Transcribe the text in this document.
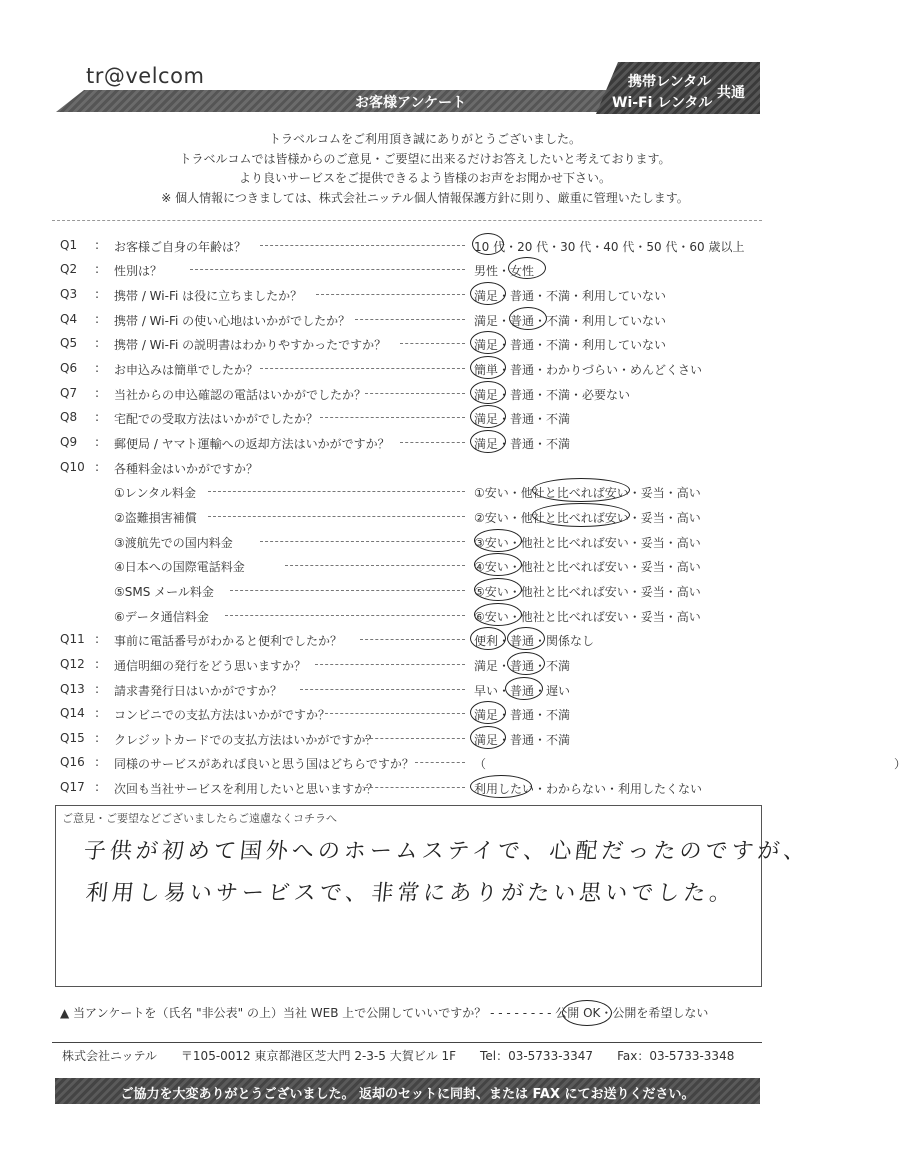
tr@velcom
お客様アンケート
携帯レンタル
Wi-Fi レンタル
共通
トラベルコムをご利用頂き誠にありがとうございました。
トラベルコムでは皆様からのご意見・ご要望に出来るだけお答えしたいと考えております。
より良いサービスをご提供できるよう皆様のお声をお聞かせ下さい。
※ 個人情報につきましては、株式会社ニッテル個人情報保護方針に則り、厳重に管理いたします。
Q1 : お客様ご自身の年齢は？	10 代・20 代・30 代・40 代・50 代・60 歳以上
Q2 : 性別は？	男性・女性
Q3 : 携帯 / Wi-Fi は役に立ちましたか？	満足・普通・不満・利用していない
Q4 : 携帯 / Wi-Fi の使い心地はいかがでしたか？	満足・普通・不満・利用していない
Q5 : 携帯 / Wi-Fi の説明書はわかりやすかったですか？	満足・普通・不満・利用していない
Q6 : お申込みは簡単でしたか？	簡単・普通・わかりづらい・めんどくさい
Q7 : 当社からの申込確認の電話はいかがでしたか？	満足・普通・不満・必要ない
Q8 : 宅配での受取方法はいかがでしたか？	満足・普通・不満
Q9 : 郵便局 / ヤマト運輸への返却方法はいかがですか？	満足・普通・不満
Q10 : 各種料金はいかがですか？
①レンタル料金	①安い・他社と比べれば安い・妥当・高い
②盗難損害補償	②安い・他社と比べれば安い・妥当・高い
③渡航先での国内料金	③安い・他社と比べれば安い・妥当・高い
④日本への国際電話料金	④安い・他社と比べれば安い・妥当・高い
⑤SMS メール料金	⑤安い・他社と比べれば安い・妥当・高い
⑥データ通信料金	⑥安い・他社と比べれば安い・妥当・高い
Q11 : 事前に電話番号がわかると便利でしたか？	便利・普通・関係なし
Q12 : 通信明細の発行をどう思いますか？	満足・普通・不満
Q13 : 請求書発行日はいかがですか？	早い・普通・遅い
Q14 : コンビニでの支払方法はいかがですか？	満足・普通・不満
Q15 : クレジットカードでの支払方法はいかがですか？	満足・普通・不満
Q16 : 同様のサービスがあれば良いと思う国はどちらですか？	（　　　　　　　　　　　　　　　　　　　　　　　　　　　　　　　　　　）
Q17 : 次回も当社サービスを利用したいと思いますか？	利用したい・わからない・利用したくない
ご意見・ご要望などございましたらご遠慮なくコチラへ
子供が初めて国外へのホームステイで、心配だったのですが、
利用し易いサービスで、非常にありがたい思いでした。
▲ 当アンケートを（氏名 "非公表" の上）当社 WEB 上で公開していいですか？ - - - - - - - - 公開 OK・公開を希望しない
株式会社ニッテル　　〒105-0012 東京都港区芝大門 2-3-5 大賀ビル 1F　　Tel：03-5733-3347　　Fax：03-5733-3348
ご協力を大変ありがとうございました。 返却のセットに同封、または FAX にてお送りください。
